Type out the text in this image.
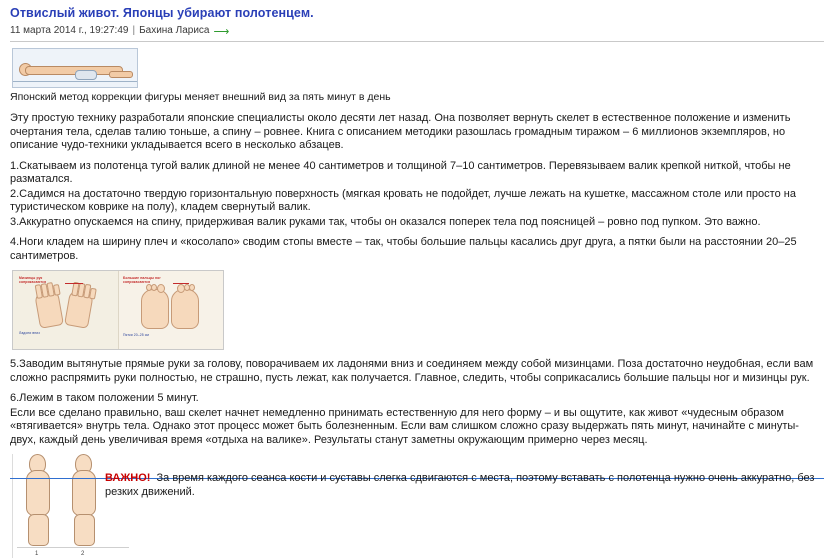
Отвислый живот. Японцы убирают полотенцем.
11 марта 2014 г., 19:27:49 | Бахина Лариса ⟶
Японский метод коррекции фигуры меняет внешний вид за пять минут в день

Эту простую технику разработали японские специалисты около десяти лет назад. Она позволяет вернуть скелет в естественное положение и изменить очертания тела, сделав талию тоньше, а спину – ровнее. Книга с описанием методики разошлась громадным тиражом – 6 миллионов экземпляров, но описание чудо-техники укладывается всего в несколько абзацев.

1.Скатываем из полотенца тугой валик длиной не менее 40 сантиметров и толщиной 7–10 сантиметров. Перевязываем валик крепкой ниткой, чтобы не разматался.

2.Садимся на достаточно твердую горизонтальную поверхность (мягкая кровать не подойдет, лучше лежать на кушетке, массажном столе или просто на туристическом коврике на полу), кладем свернутый валик.

3.Аккуратно опускаемся на спину, придерживая валик руками так, чтобы он оказался поперек тела под поясницей – ровно под пупком. Это важно.

4.Ноги кладем на ширину плеч и «косолапо» сводим стопы вместе – так, чтобы большие пальцы касались друг друга, а пятки были на расстоянии 20–25 сантиметров.

Мизинцы рук соприкасаются
Ладони вниз
Большие пальцы ног соприкасаются
Пятки 20–25 см

5.Заводим вытянутые прямые руки за голову, поворачиваем их ладонями вниз и соединяем между собой мизинцами. Поза достаточно неудобная, если вам сложно распрямить руки полностью, не страшно, пусть лежат, как получается. Главное, следить, чтобы соприкасались большие пальцы ног и мизинцы рук.

6.Лежим в таком положении 5 минут.

Если все сделано правильно, ваш скелет начнет немедленно принимать естественную для него форму – и вы ощутите, как живот «чудесным образом «втягивается» внутрь тела. Однако этот процесс может быть болезненным. Если вам слишком сложно сразу выдержать пять минут, начинайте с минуты-двух, каждый день увеличивая время «отдыха на валике». Результаты станут заметны окружающим примерно через месяц.

1	2
ВАЖНО! За время каждого сеанса кости и суставы слегка сдвигаются с места, поэтому вставать с полотенца нужно очень аккуратно, без резких движений.
